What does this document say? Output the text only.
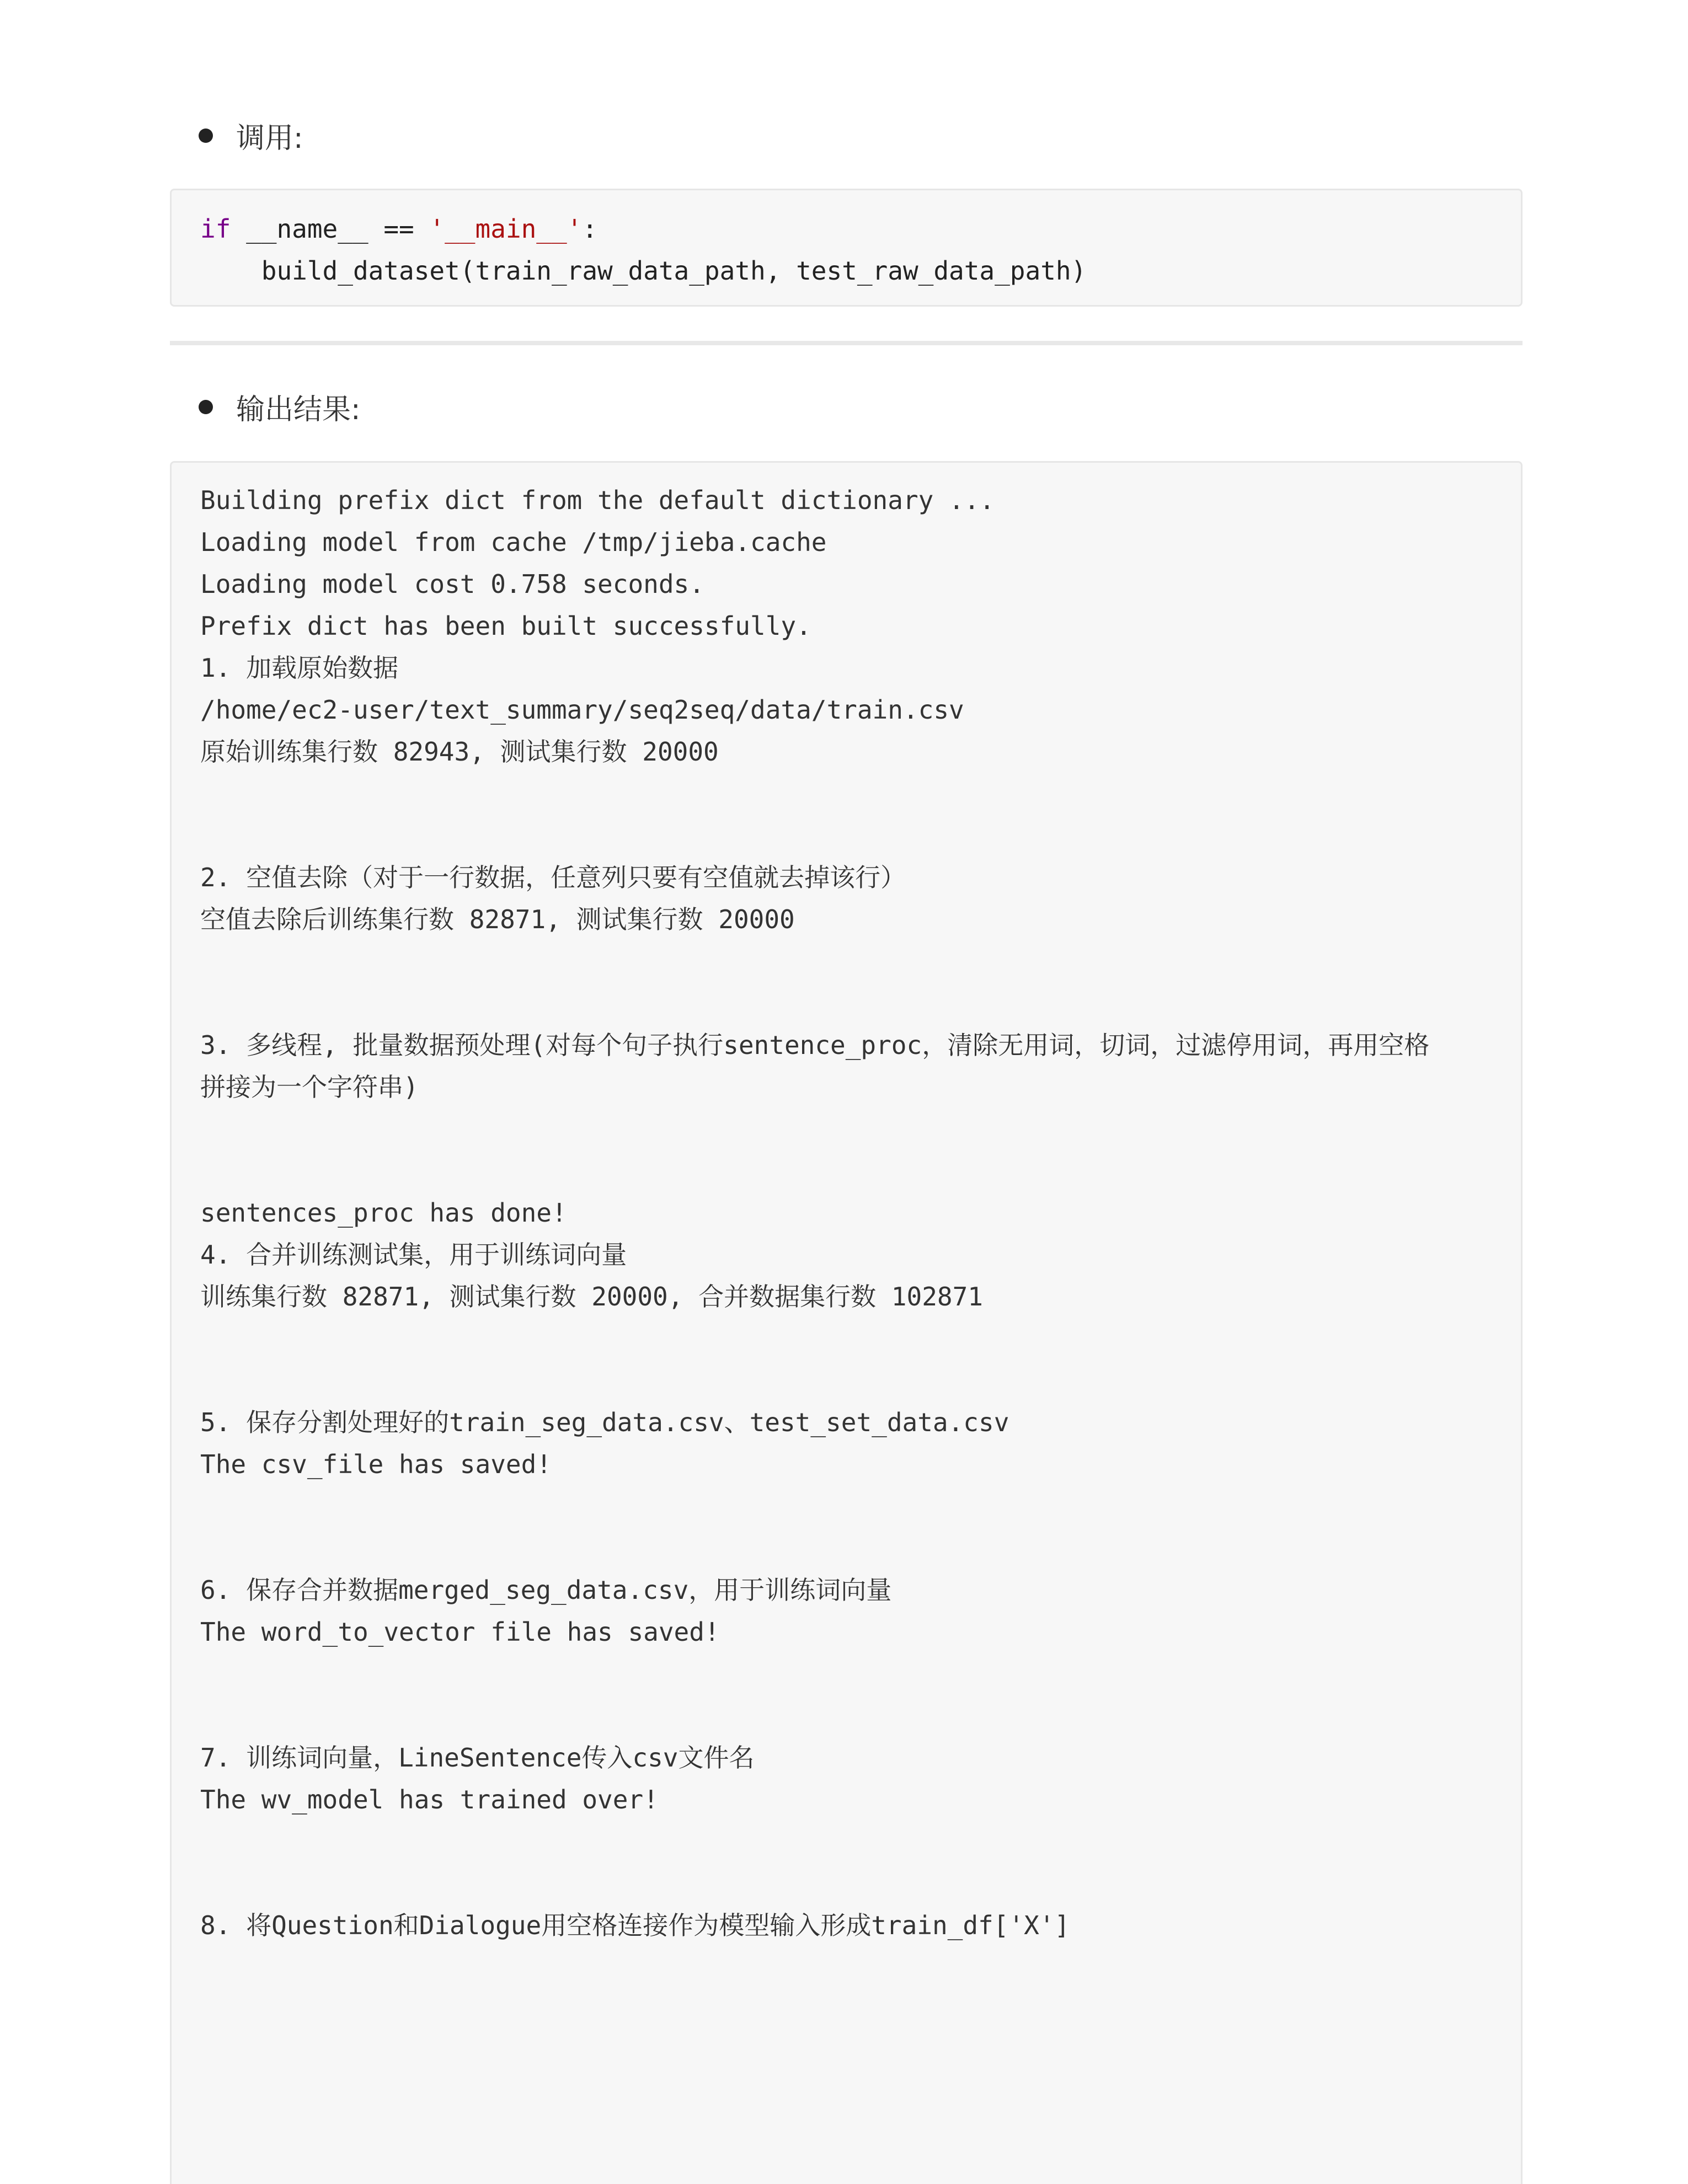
调用:
if __name__ == '__main__':
build_dataset(train_raw_data_path, test_raw_data_path)
输出结果:
Building prefix dict from the default dictionary ...
Loading model from cache /tmp/jieba.cache
Loading model cost 0.758 seconds.
Prefix dict has been built successfully.
1. 加载原始数据
/home/ec2-user/text_summary/seq2seq/data/train.csv
原始训练集行数 82943, 测试集行数 20000
2. 空值去除（对于一行数据，任意列只要有空值就去掉该行）
空值去除后训练集行数 82871, 测试集行数 20000
3. 多线程, 批量数据预处理(对每个句子执行sentence_proc，清除无用词，切词，过滤停用词，再用空格
拼接为一个字符串)
sentences_proc has done!
4. 合并训练测试集，用于训练词向量
训练集行数 82871, 测试集行数 20000, 合并数据集行数 102871
5. 保存分割处理好的train_seg_data.csv、test_set_data.csv
The csv_file has saved!
6. 保存合并数据merged_seg_data.csv，用于训练词向量
The word_to_vector file has saved!
7. 训练词向量，LineSentence传入csv文件名
The wv_model has trained over!
8. 将Question和Dialogue用空格连接作为模型输入形成train_df['X']
